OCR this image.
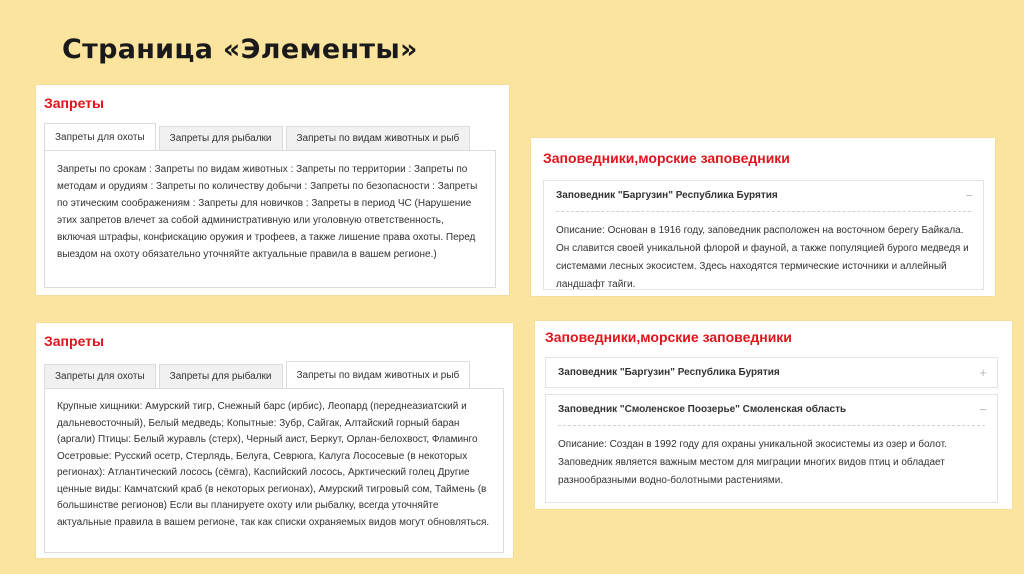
Страница «Элементы»
Запреты
Запреты для охоты	Запреты для рыбалки	Запреты по видам животных и рыб
Запреты по срокам : Запреты по видам животных : Запреты по территории : Запреты по методам и орудиям : Запреты по количеству добычи : Запреты по безопасности : Запреты по этическим соображениям : Запреты для новичков : Запреты в период ЧС (Нарушение этих запретов влечет за собой административную или уголовную ответственность, включая штрафы, конфискацию оружия и трофеев, а также лишение права охоты. Перед выездом на охоту обязательно уточняйте актуальные правила в вашем регионе.)
Заповедники,морские заповедники
Заповедник "Баргузин" Республика Бурятия	−
Описание: Основан в 1916 году, заповедник расположен на восточном берегу Байкала. Он славится своей уникальной флорой и фауной, а также популяцией бурого медведя и системами лесных экосистем. Здесь находятся термические источники и аллейный ландшафт тайги.
Запреты
Запреты для охоты	Запреты для рыбалки	Запреты по видам животных и рыб
Крупные хищники: Амурский тигр, Снежный барс (ирбис), Леопард (переднеазиатский и дальневосточный), Белый медведь; Копытные: Зубр, Сайгак, Алтайский горный баран (аргали) Птицы: Белый журавль (стерх), Черный аист, Беркут, Орлан-белохвост, Фламинго Осетровые: Русский осетр, Стерлядь, Белуга, Севрюга, Калуга Лососевые (в некоторых регионах): Атлантический лосось (сёмга), Каспийский лосось, Арктический голец Другие ценные виды: Камчатский краб (в некоторых регионах), Амурский тигровый сом, Таймень (в большинстве регионов) Если вы планируете охоту или рыбалку, всегда уточняйте актуальные правила в вашем регионе, так как списки охраняемых видов могут обновляться.
Заповедники,морские заповедники
Заповедник "Баргузин" Республика Бурятия	+
Заповедник "Смоленское Поозерье" Смоленская область	−
Описание: Создан в 1992 году для охраны уникальной экосистемы из озер и болот. Заповедник является важным местом для миграции многих видов птиц и обладает разнообразными водно-болотными растениями.
